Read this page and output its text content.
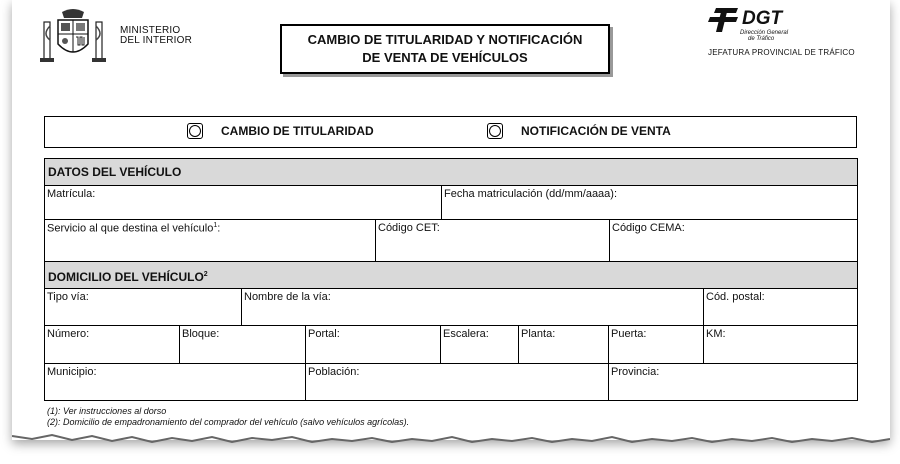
MINISTERIO
DEL INTERIOR	CAMBIO DE TITULARIDAD Y NOTIFICACIÓN
DE VENTA DE VEHÍCULOS
DGT
Dirección General
de Tráfico
JEFATURA PROVINCIAL DE TRÁFICO
CAMBIO DE TITULARIDAD	NOTIFICACIÓN DE VENTA
DATOS DEL VEHÍCULO
Matrícula:	Fecha matriculación (dd/mm/aaaa):
Servicio al que destina el vehículo$^1$:	Código CET:	Código CEMA:
DOMICILIO DEL VEHÍCULO$^2$
Tipo vía:	Nombre de la vía:	Cód. postal:
Número:	Bloque:	Portal:	Escalera:	Planta:	Puerta:	KM:
Municipio:	Población:	Provincia:
(1): Ver instrucciones al dorso
(2): Domicilio de empadronamiento del comprador del vehículo (salvo vehículos agrícolas).
